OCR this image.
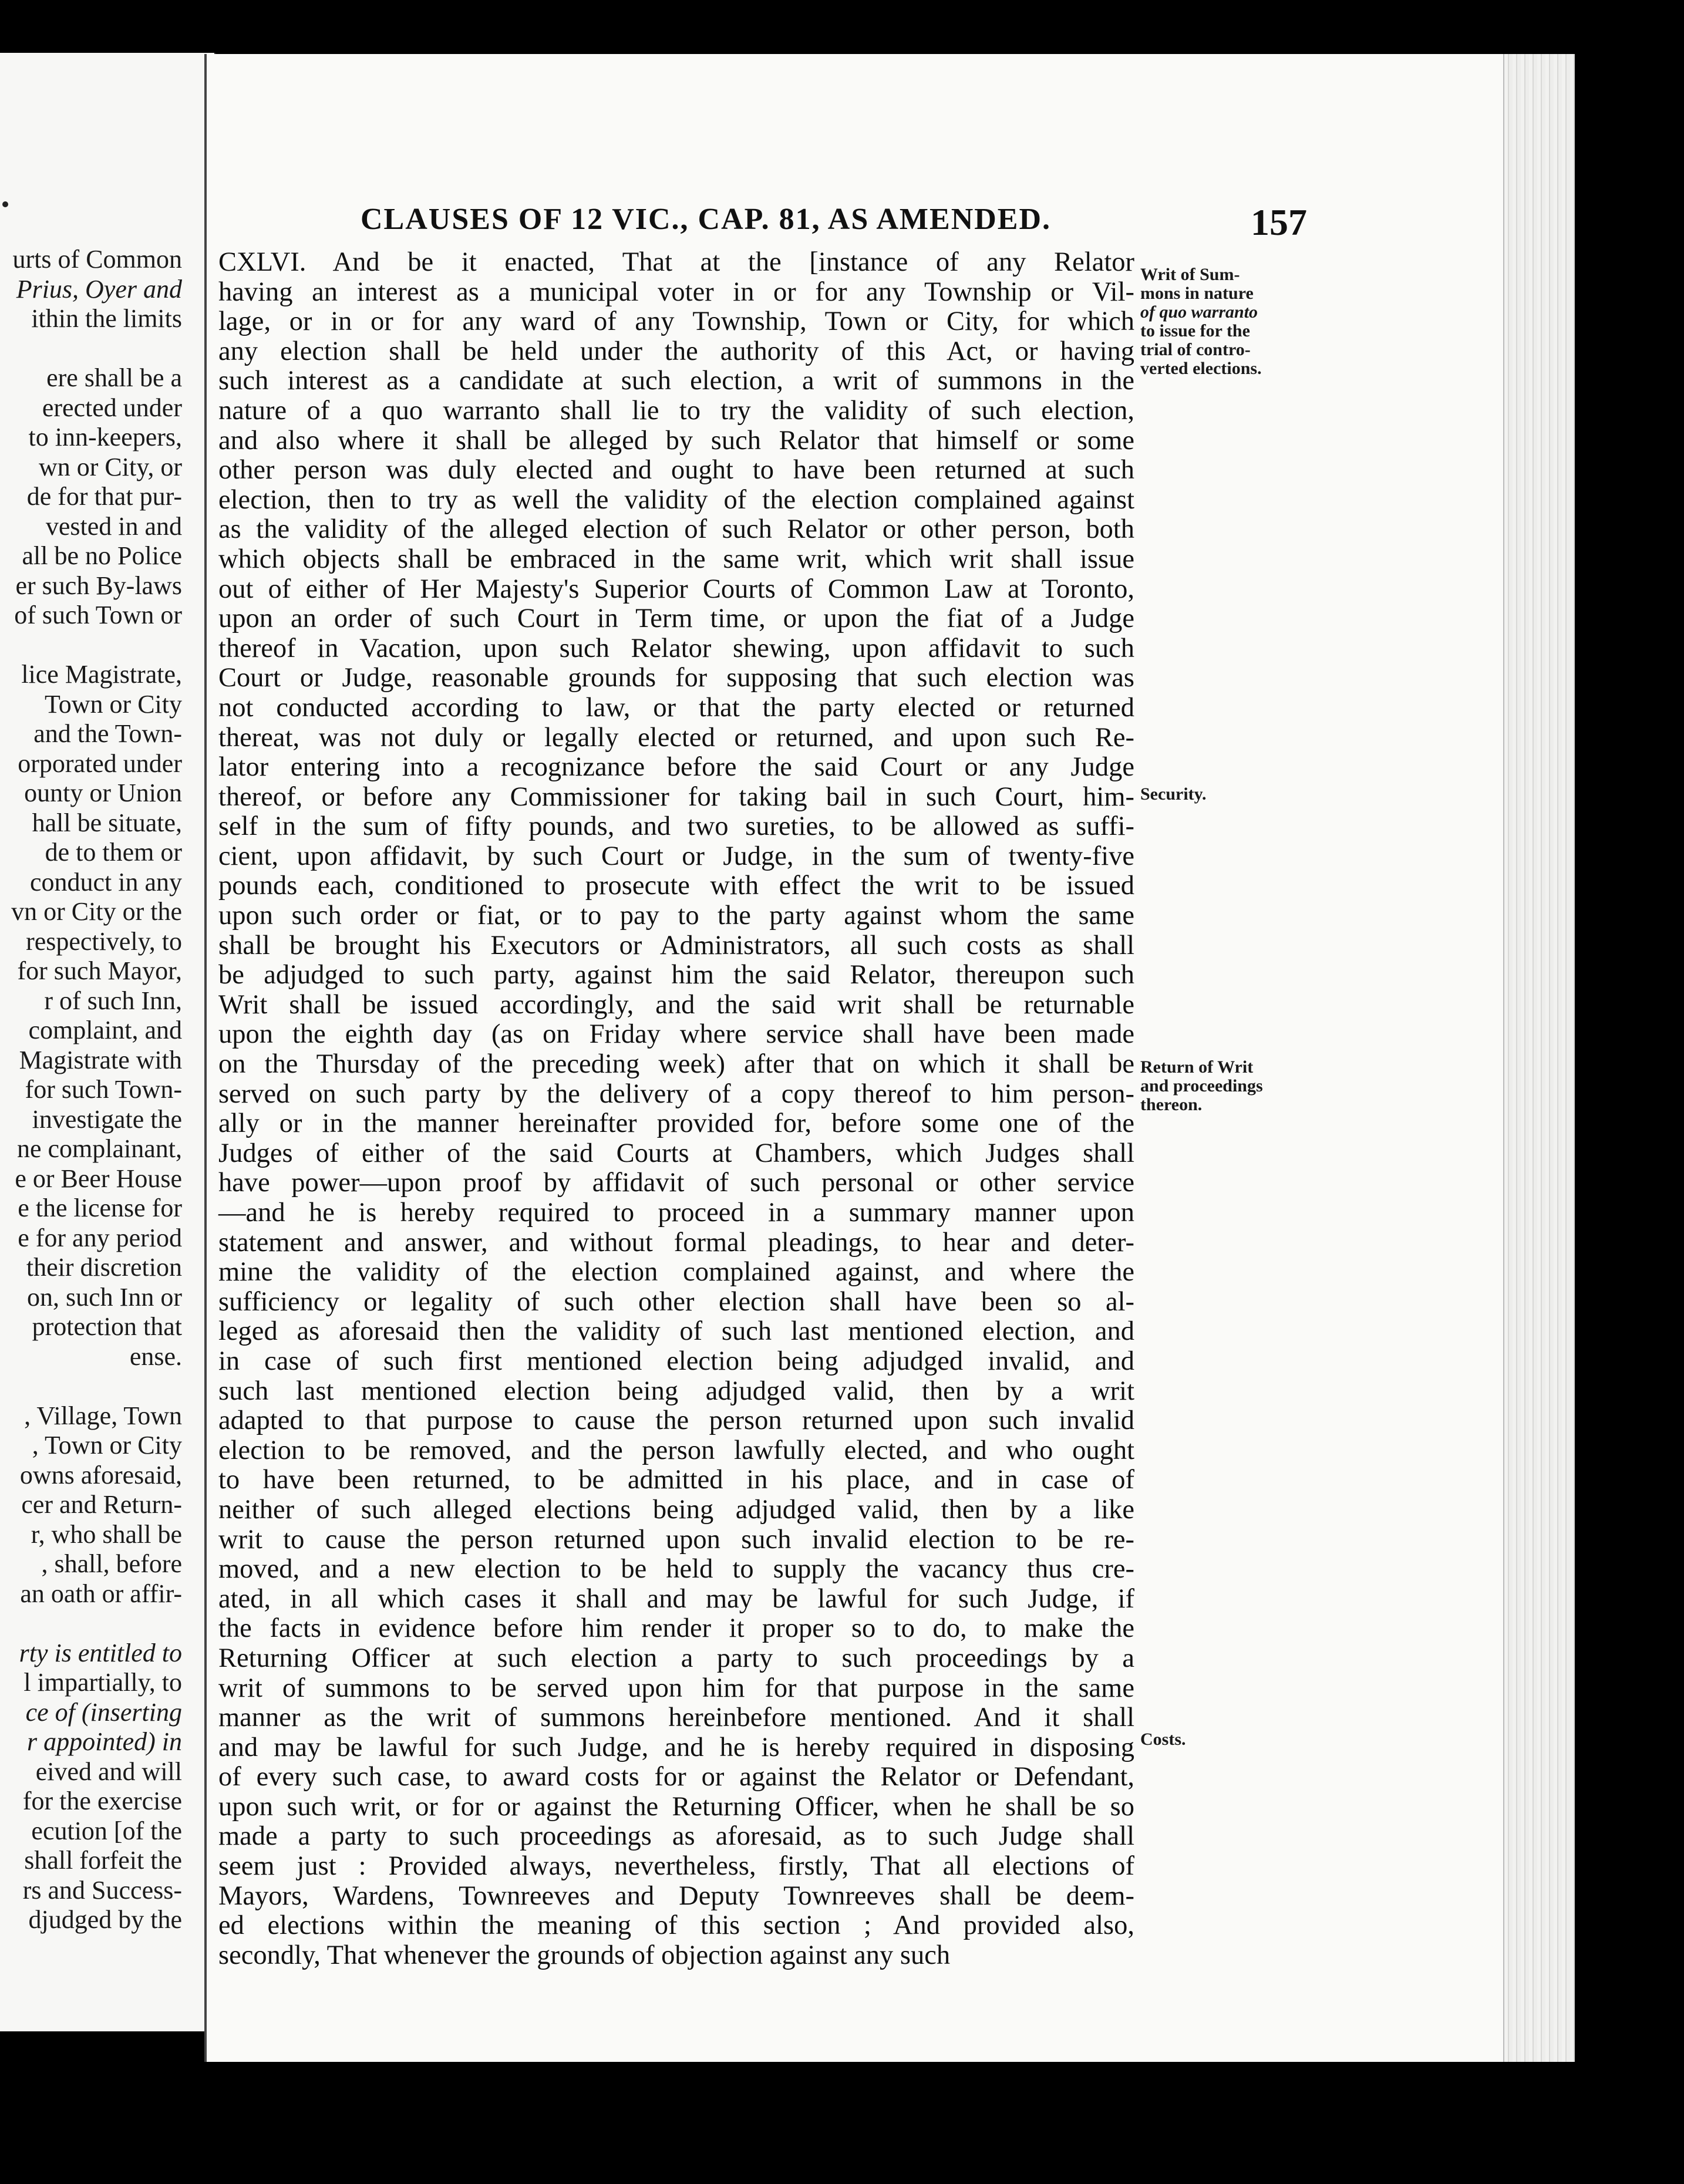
urts of Common
Prius, Oyer and
ithin the limits
ere shall be a
erected under
to inn-keepers,
wn or City, or
de for that pur-
vested in and
all be no Police
er such By-laws
of such Town or
lice Magistrate,
Town or City
and the Town-
orporated under
ounty or Union
hall be situate,
de to them or
conduct in any
vn or City or the
respectively, to
for such Mayor,
r of such Inn,
complaint, and
Magistrate with
for such Town-
investigate the
ne complainant,
e or Beer House
e the license for
e for any period
their discretion
on, such Inn or
protection that
ense.
, Village, Town
, Town or City
owns aforesaid,
cer and Return-
r, who shall be
, shall, before
an oath or affir-
rty is entitled to
l impartially, to
ce of (inserting
r appointed) in
eived and will
for the exercise
ecution [of the
shall forfeit the
rs and Success-
djudged by the
CLAUSES OF 12 VIC., CAP. 81, AS AMENDED.	157
CXLVI. And be it enacted, That at the [instance of any Relator
having an interest as a municipal voter in or for any Township or Vil-
lage, or in or for any ward of any Township, Town or City, for which
any election shall be held under the authority of this Act, or having
such interest as a candidate at such election, a writ of summons in the
nature of a quo warranto shall lie to try the validity of such election,
and also where it shall be alleged by such Relator that himself or some
other person was duly elected and ought to have been returned at such
election, then to try as well the validity of the election complained against
as the validity of the alleged election of such Relator or other person, both
which objects shall be embraced in the same writ, which writ shall issue
out of either of Her Majesty's Superior Courts of Common Law at Toronto,
upon an order of such Court in Term time, or upon the fiat of a Judge
thereof in Vacation, upon such Relator shewing, upon affidavit to such
Court or Judge, reasonable grounds for supposing that such election was
not conducted according to law, or that the party elected or returned
thereat, was not duly or legally elected or returned, and upon such Re-
lator entering into a recognizance before the said Court or any Judge
thereof, or before any Commissioner for taking bail in such Court, him-
self in the sum of fifty pounds, and two sureties, to be allowed as suffi-
cient, upon affidavit, by such Court or Judge, in the sum of twenty-five
pounds each, conditioned to prosecute with effect the writ to be issued
upon such order or fiat, or to pay to the party against whom the same
shall be brought his Executors or Administrators, all such costs as shall
be adjudged to such party, against him the said Relator, thereupon such
Writ shall be issued accordingly, and the said writ shall be returnable
upon the eighth day (as on Friday where service shall have been made
on the Thursday of the preceding week) after that on which it shall be
served on such party by the delivery of a copy thereof to him person-
ally or in the manner hereinafter provided for, before some one of the
Judges of either of the said Courts at Chambers, which Judges shall
have power—upon proof by affidavit of such personal or other service
—and he is hereby required to proceed in a summary manner upon
statement and answer, and without formal pleadings, to hear and deter-
mine the validity of the election complained against, and where the
sufficiency or legality of such other election shall have been so al-
leged as aforesaid then the validity of such last mentioned election, and
in case of such first mentioned election being adjudged invalid, and
such last mentioned election being adjudged valid, then by a writ
adapted to that purpose to cause the person returned upon such invalid
election to be removed, and the person lawfully elected, and who ought
to have been returned, to be admitted in his place, and in case of
neither of such alleged elections being adjudged valid, then by a like
writ to cause the person returned upon such invalid election to be re-
moved, and a new election to be held to supply the vacancy thus cre-
ated, in all which cases it shall and may be lawful for such Judge, if
the facts in evidence before him render it proper so to do, to make the
Returning Officer at such election a party to such proceedings by a
writ of summons to be served upon him for that purpose in the same
manner as the writ of summons hereinbefore mentioned. And it shall
and may be lawful for such Judge, and he is hereby required in disposing
of every such case, to award costs for or against the Relator or Defendant,
upon such writ, or for or against the Returning Officer, when he shall be so
made a party to such proceedings as aforesaid, as to such Judge shall
seem just : Provided always, nevertheless, firstly, That all elections of
Mayors, Wardens, Townreeves and Deputy Townreeves shall be deem-
ed elections within the meaning of this section ; And provided also,
secondly, That whenever the grounds of objection against any such
Writ of Sum-
mons in nature
of quo warranto
to issue for the
trial of contro-
verted elections.
Security.
Return of Writ
and proceedings
thereon.
Costs.
